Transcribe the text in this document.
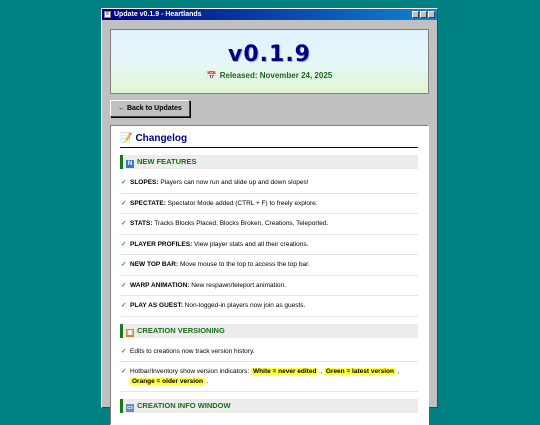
≡ Update v0.1.9 - Heartlands
v0.1.9
📅 Released: November 24, 2025
← Back to Updates
📝 Changelog
N NEW FEATURES
✓ SLOPES: Players can now run and slide up and down slopes!
✓ SPECTATE: Spectator Mode added (CTRL + F) to freely explore.
✓ STATS: Tracks Blocks Placed, Blocks Broken, Creations, Teleported.
✓ PLAYER PROFILES: View player stats and all their creations.
✓ NEW TOP BAR: Move mouse to the top to access the top bar.
✓ WARP ANIMATION: New respawn/teleport animation.
✓ PLAY AS GUEST: Non-logged-in players now join as guests.
▣ CREATION VERSIONING
✓ Edits to creations now track version history.
✓ Hotbar/Inventory show version indicators: White = never edited , Green = latest version ,
Orange = older version .
▭ CREATION INFO WINDOW
